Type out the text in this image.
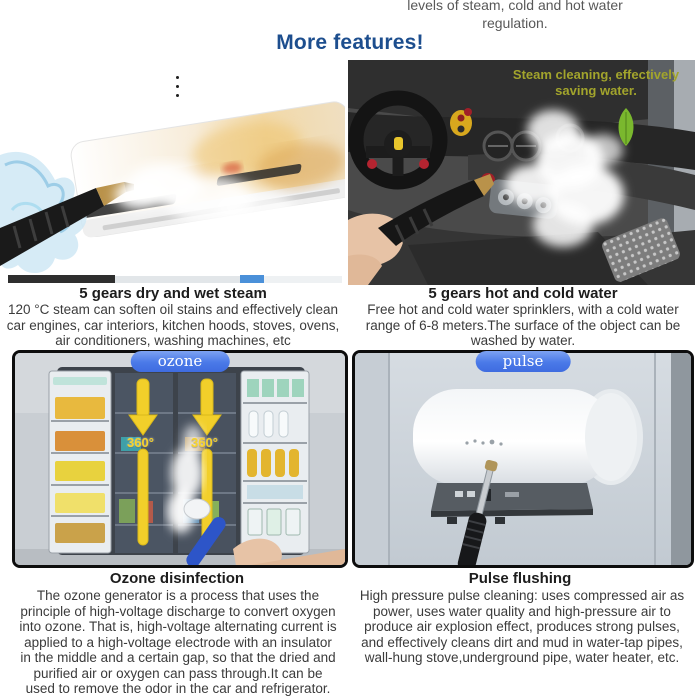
levels of steam, cold and hot water regulation.
More features!
Steam cleaning, effectively saving water.
5 gears dry and wet steam	5 gears hot and cold water
120 °C steam can soften oil stains and effectively clean car engines, car interiors, kitchen hoods, stoves, ovens, air conditioners, washing machines, etc
Free hot and cold water sprinklers, with a cold water range of 6-8 meters.The surface of the object can be washed by water.
ozone
360°	360°
pulse
Ozone disinfection	Pulse flushing
The ozone generator is a process that uses the principle of high-voltage discharge to convert oxygen into ozone. That is, high-voltage alternating current is applied to a high-voltage electrode with an insulator in the middle and a certain gap, so that the dried and purified air or oxygen can pass through.It can be used to remove the odor in the car and refrigerator.
High pressure pulse cleaning: uses compressed air as power, uses water quality and high-pressure air to produce air explosion effect, produces strong pulses, and effectively cleans dirt and mud in water-tap pipes, wall-hung stove,underground pipe, water heater, etc.
